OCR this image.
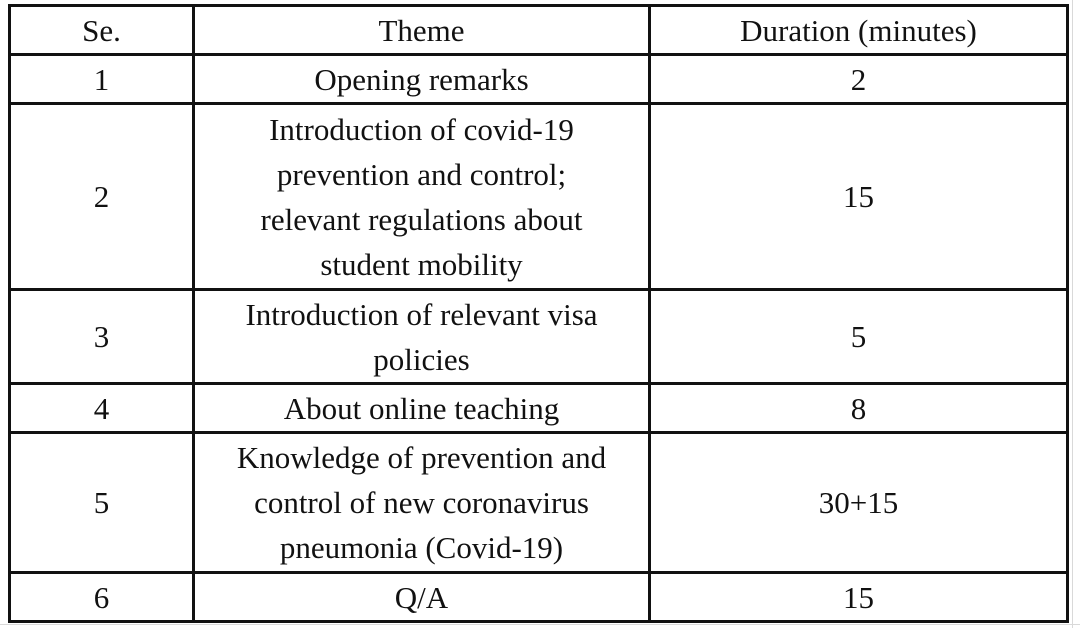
Se.	Theme	Duration (minutes)
1	Opening remarks	2
2	Introduction of covid-19 prevention and control; relevant regulations about student mobility	15
3	Introduction of relevant visa policies	5
4	About online teaching	8
5	Knowledge of prevention and control of new coronavirus pneumonia (Covid-19)	30+15
6	Q/A	15
